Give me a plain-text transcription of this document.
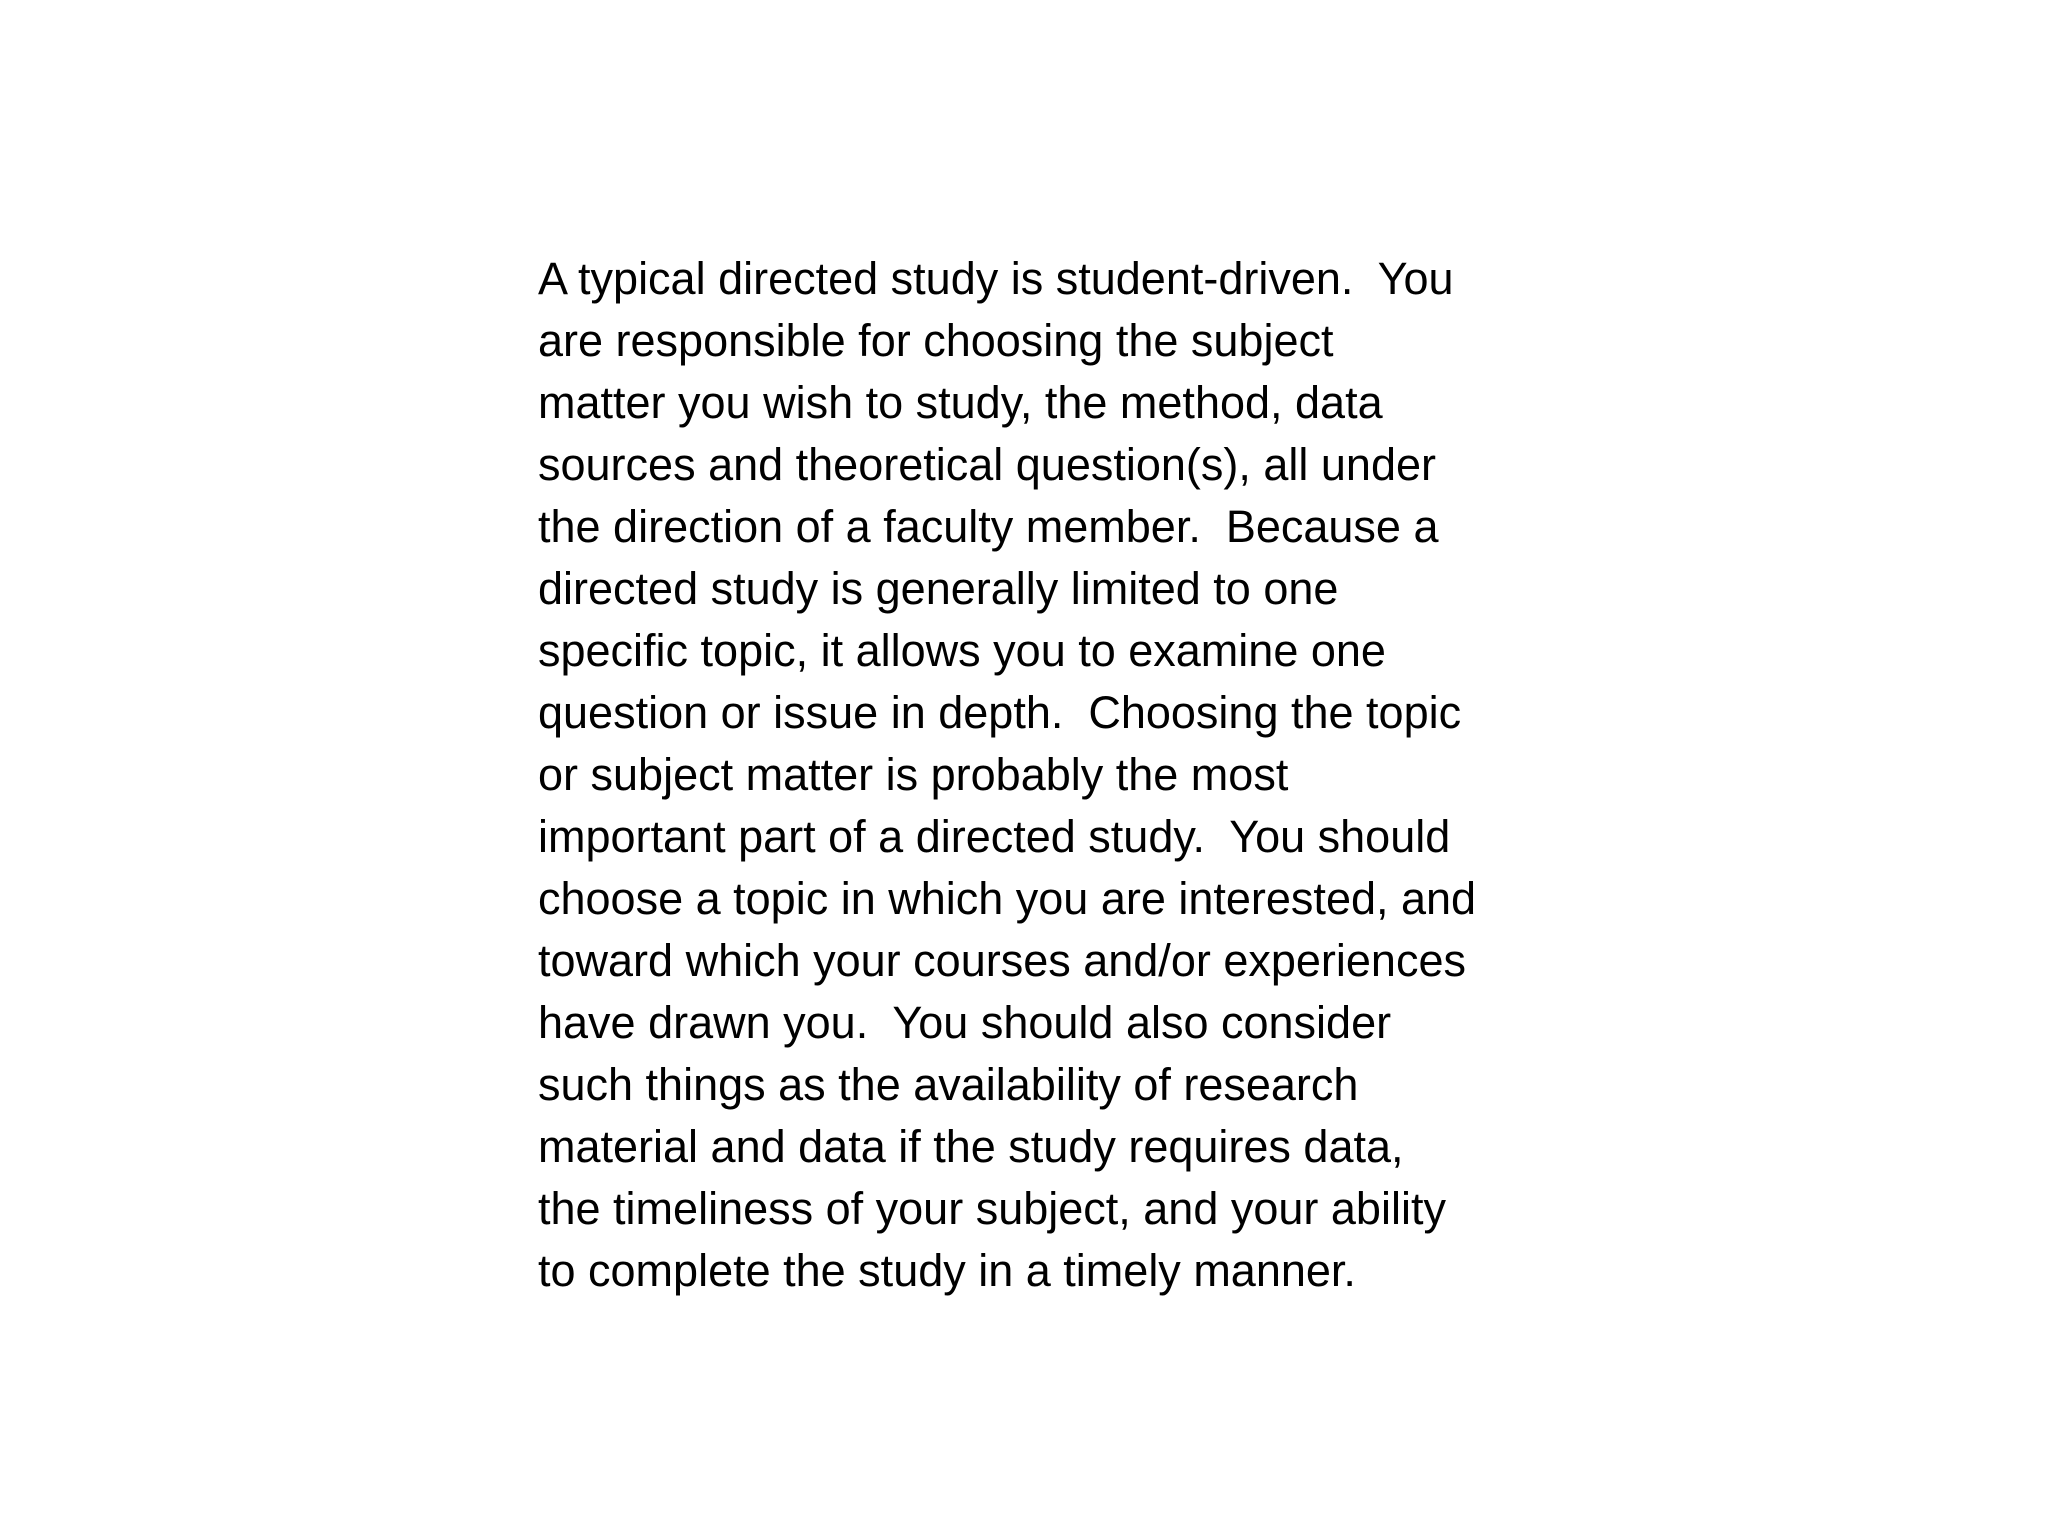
A typical directed study is student-driven.  You
are responsible for choosing the subject
matter you wish to study, the method, data
sources and theoretical question(s), all under
the direction of a faculty member.  Because a
directed study is generally limited to one
specific topic, it allows you to examine one
question or issue in depth.  Choosing the topic
or subject matter is probably the most
important part of a directed study.  You should
choose a topic in which you are interested, and
toward which your courses and/or experiences
have drawn you.  You should also consider
such things as the availability of research
material and data if the study requires data,
the timeliness of your subject, and your ability
to complete the study in a timely manner.
